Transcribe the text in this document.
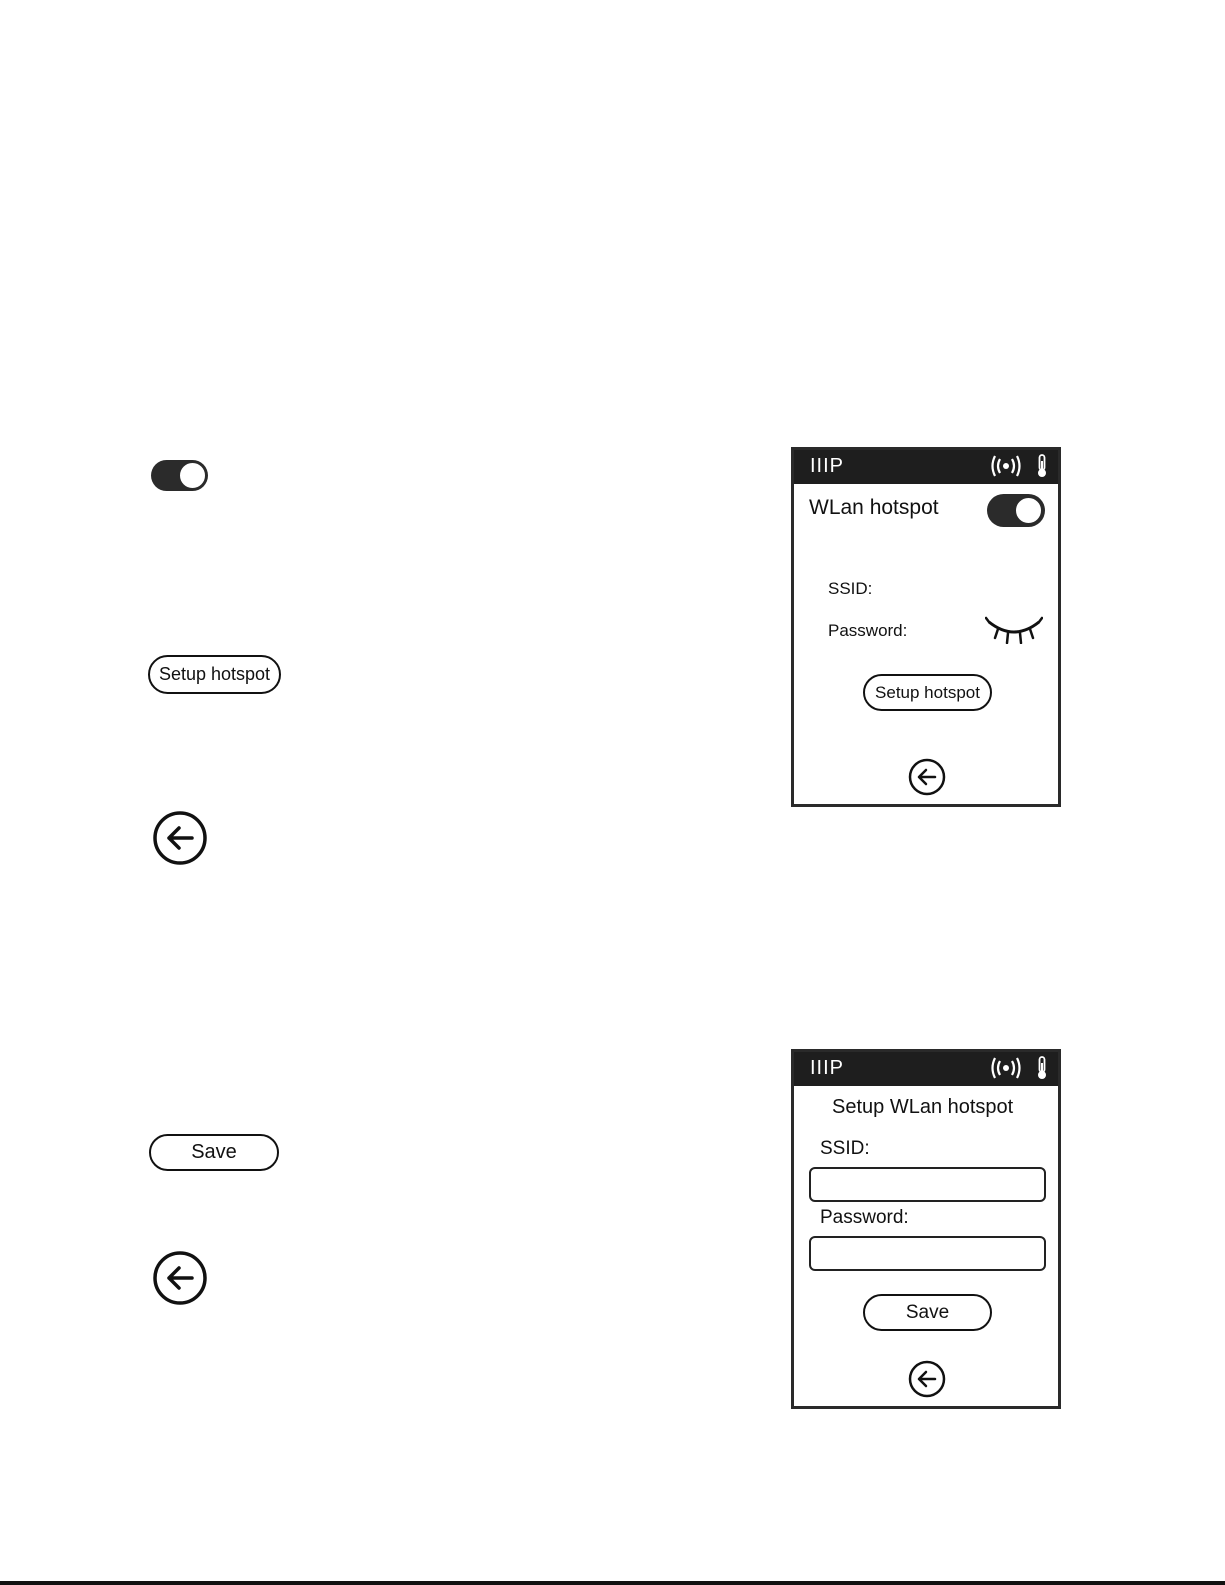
Setup hotspot
Save
IIIP
WLan hotspot
SSID:
Password:
Setup hotspot
IIIP
Setup WLan hotspot
SSID:
Password:
Save
